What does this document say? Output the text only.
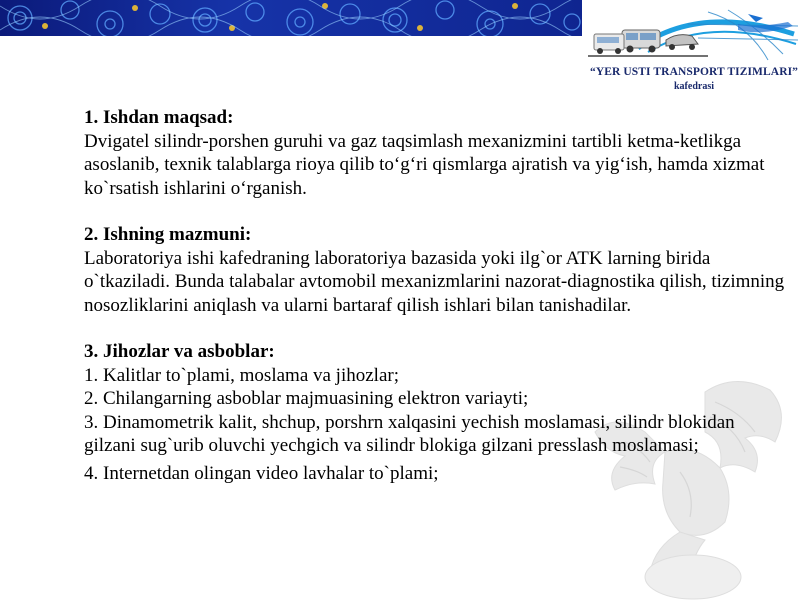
“YER USTI TRANSPORT TIZIMLARI”
kafedrasi
1. Ishdan maqsad:
Dvigatel silindr-porshen guruhi va gaz taqsimlash mexanizmini tartibli ketma-ketlikga asoslanib, texnik talablarga rioya qilib to‘g‘ri qismlarga ajratish va yig‘ish, hamda xizmat ko`rsatish ishlarini o‘rganish.
2. Ishning mazmuni:
Laboratoriya ishi kafedraning laboratoriya bazasida yoki ilg`or ATK larning birida o`tkaziladi. Bunda talabalar avtomobil mexanizmlarini nazorat-diagnostika qilish, tizimning nosozliklarini aniqlash va ularni bartaraf qilish ishlari bilan tanishadilar.
3. Jihozlar va asboblar:
1. Kalitlar to`plami, moslama va jihozlar;
2. Chilangarning asboblar majmuasining elektron variayti;
3. Dinamometrik kalit, shchup, porshrn xalqasini yechish moslamasi, silindr blokidan gilzani sug`urib oluvchi yechgich va silindr blokiga gilzani presslash moslamasi;
4. Internetdan olingan video lavhalar to`plami;
